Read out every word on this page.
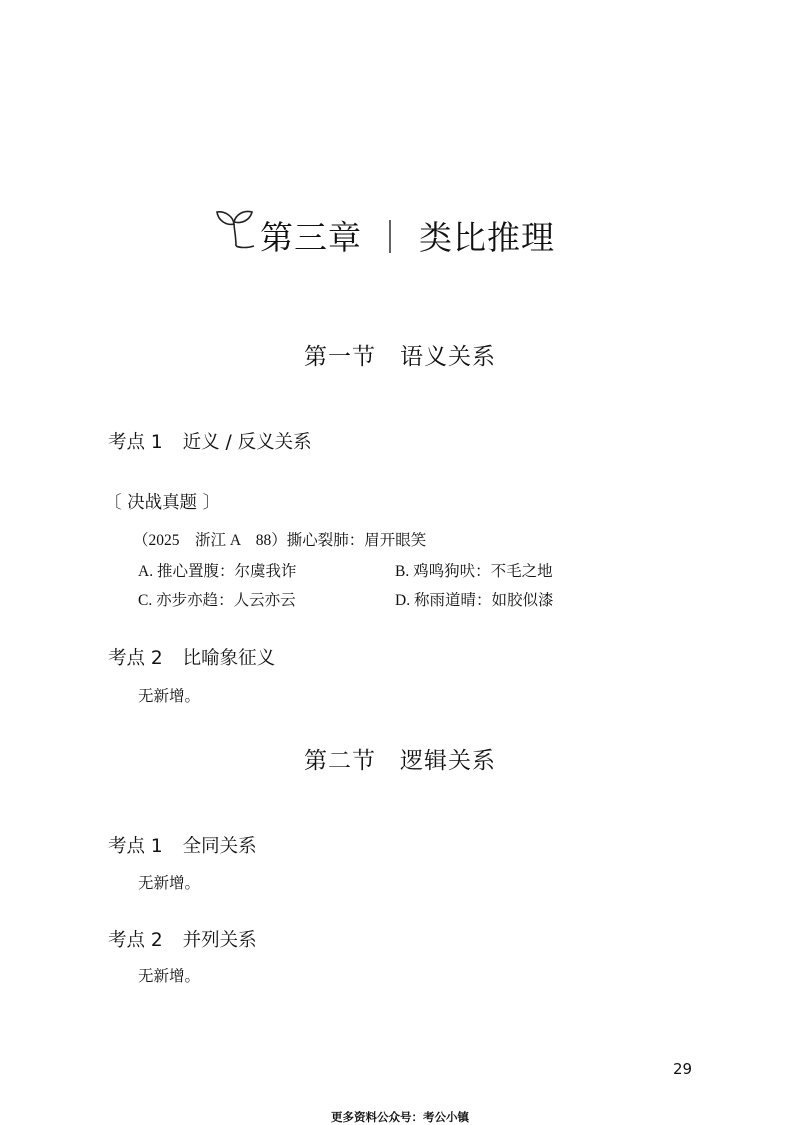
第三章 ｜ 类比推理
第一节　语义关系
考点 1 近义 / 反义关系
〔 决战真题 〕
（2025　浙江 A　88）撕心裂肺：眉开眼笑
A. 推心置腹：尔虞我诈	B. 鸡鸣狗吠：不毛之地
C. 亦步亦趋：人云亦云	D. 称雨道晴：如胶似漆
考点 2 比喻象征义
无新增。
第二节　逻辑关系
考点 1 全同关系
无新增。
考点 2 并列关系
无新增。
29
更多资料公众号：考公小镇
